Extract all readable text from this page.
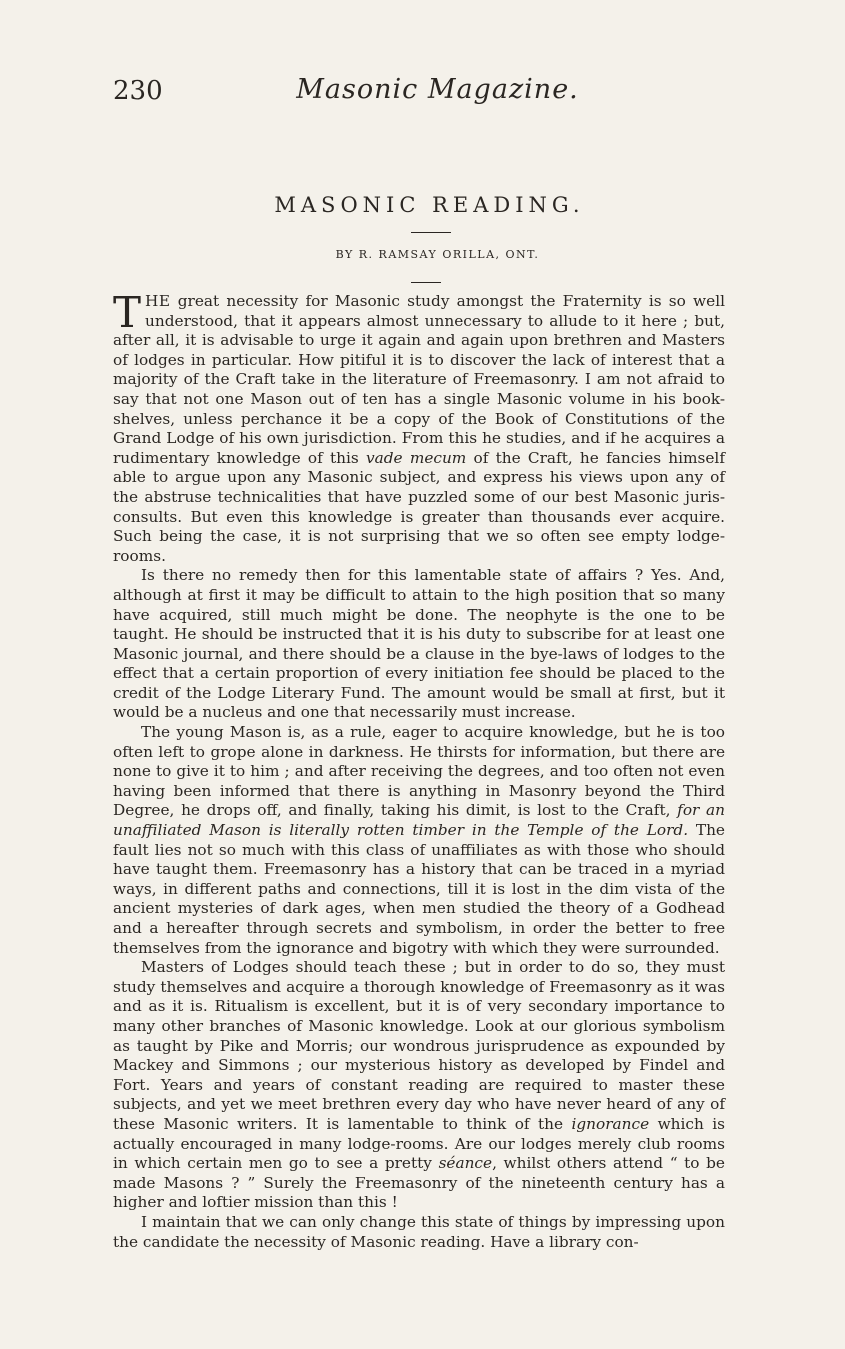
230	Masonic Magazine.
MASONIC READING.
BY R. RAMSAY ORILLA, ONT.

THE great necessity for Masonic study amongst the Fraternity is so well understood, that it appears almost unnecessary to allude to it here ; but, after all, it is advisable to urge it again and again upon brethren and Masters of lodges in particular. How pitiful it is to discover the lack of interest that a majority of the Craft take in the literature of Freemasonry. I am not afraid to say that not one Mason out of ten has a single Masonic volume in his book-shelves, unless perchance it be a copy of the Book of Constitutions of the Grand Lodge of his own jurisdiction. From this he studies, and if he acquires a rudimentary knowledge of this vade mecum of the Craft, he fancies himself able to argue upon any Masonic subject, and express his views upon any of the abstruse technicalities that have puzzled some of our best Masonic juris-consults. But even this knowledge is greater than thousands ever acquire. Such being the case, it is not surprising that we so often see empty lodge-rooms.

Is there no remedy then for this lamentable state of affairs ? Yes. And, although at first it may be difficult to attain to the high position that so many have acquired, still much might be done. The neophyte is the one to be taught. He should be instructed that it is his duty to subscribe for at least one Masonic journal, and there should be a clause in the bye-laws of lodges to the effect that a certain proportion of every initiation fee should be placed to the credit of the Lodge Literary Fund. The amount would be small at first, but it would be a nucleus and one that necessarily must increase.

The young Mason is, as a rule, eager to acquire knowledge, but he is too often left to grope alone in darkness. He thirsts for information, but there are none to give it to him ; and after receiving the degrees, and too often not even having been informed that there is anything in Masonry beyond the Third Degree, he drops off, and finally, taking his dimit, is lost to the Craft, for an unaffiliated Mason is literally rotten timber in the Temple of the Lord. The fault lies not so much with this class of unaffiliates as with those who should have taught them. Freemasonry has a history that can be traced in a myriad ways, in different paths and connections, till it is lost in the dim vista of the ancient mysteries of dark ages, when men studied the theory of a Godhead and a hereafter through secrets and symbolism, in order the better to free themselves from the ignorance and bigotry with which they were surrounded.

Masters of Lodges should teach these ; but in order to do so, they must study themselves and acquire a thorough knowledge of Freemasonry as it was and as it is. Ritualism is excellent, but it is of very secondary importance to many other branches of Masonic knowledge. Look at our glorious symbolism as taught by Pike and Morris; our wondrous jurisprudence as expounded by Mackey and Simmons ; our mysterious history as developed by Findel and Fort. Years and years of constant reading are required to master these subjects, and yet we meet brethren every day who have never heard of any of these Masonic writers. It is lamentable to think of the ignorance which is actually encouraged in many lodge-rooms. Are our lodges merely club rooms in which certain men go to see a pretty séance, whilst others attend “ to be made Masons ? ” Surely the Freemasonry of the nineteenth century has a higher and loftier mission than this !

I maintain that we can only change this state of things by impressing upon the candidate the necessity of Masonic reading. Have a library con-
